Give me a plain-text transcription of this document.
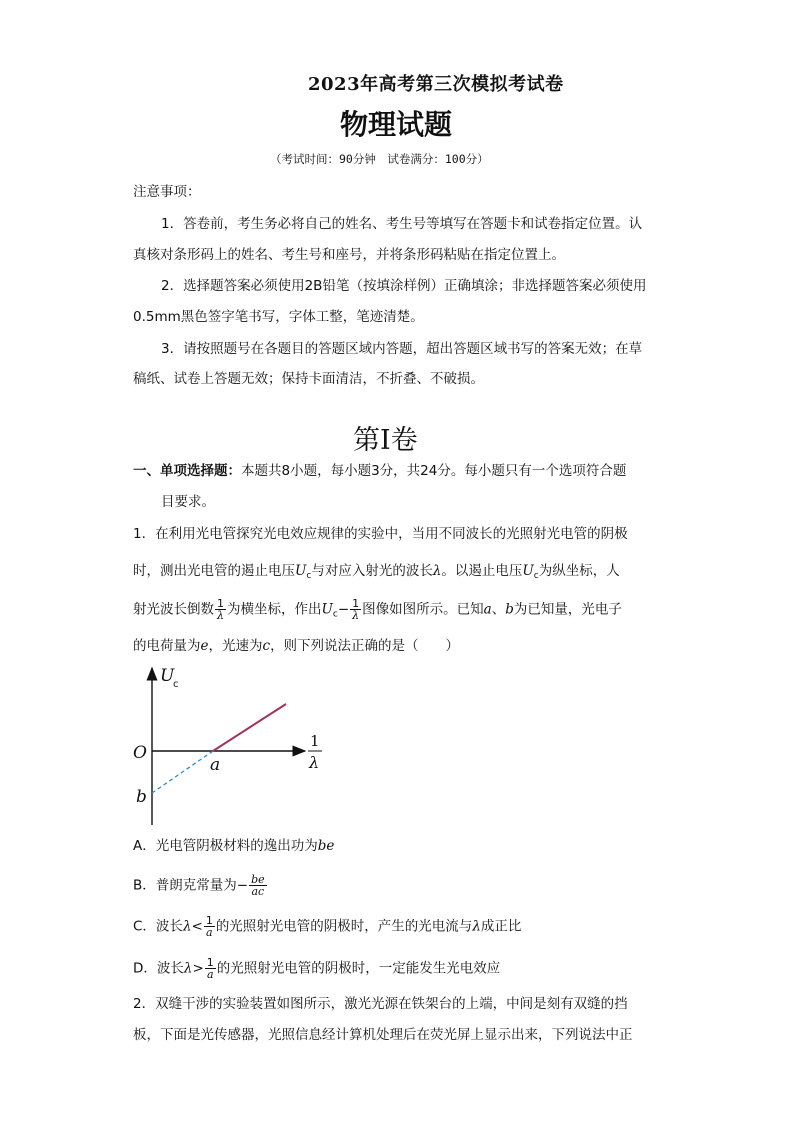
2023年高考第三次模拟考试卷
物理试题
（考试时间：90分钟　试卷满分：100分）
注意事项：
1．答卷前，考生务必将自己的姓名、考生号等填写在答题卡和试卷指定位置。认
真核对条形码上的姓名、考生号和座号，并将条形码粘贴在指定位置上。
2．选择题答案必须使用2B铅笔（按填涂样例）正确填涂；非选择题答案必须使用
0.5mm黑色签字笔书写，字体工整，笔迹清楚。
3．请按照题号在各题目的答题区域内答题，超出答题区域书写的答案无效；在草
稿纸、试卷上答题无效；保持卡面清洁，不折叠、不破损。
第Ⅰ卷
一、单项选择题：本题共8小题，每小题3分，共24分。每小题只有一个选项符合题
目要求。
1．在利用光电管探究光电效应规律的实验中，当用不同波长的光照射光电管的阴极
时，测出光电管的遏止电压$U_c$与对应入射光的波长λ。以遏止电压$U_c$为纵坐标，人
射光波长倒数 $\frac{1}{\lambda}$ 为横坐标，作出$U_c- \frac{1}{\lambda}$ 图像如图所示。已知a、b为已知量，光电子
的电荷量为e，光速为c，则下列说法正确的是（　　）
U
c
O
a
b
1
λ
A．光电管阴极材料的逸出功为be
B．普朗克常量为− $\frac{be}{ac}$
C．波长$\lambda< \frac{1}{a}$ 的光照射光电管的阴极时，产生的光电流与λ成正比
D．波长$\lambda> \frac{1}{a}$ 的光照射光电管的阴极时，一定能发生光电效应
2．双缝干涉的实验装置如图所示，激光光源在铁架台的上端，中间是刻有双缝的挡
板，下面是光传感器，光照信息经计算机处理后在荧光屏上显示出来，下列说法中正
